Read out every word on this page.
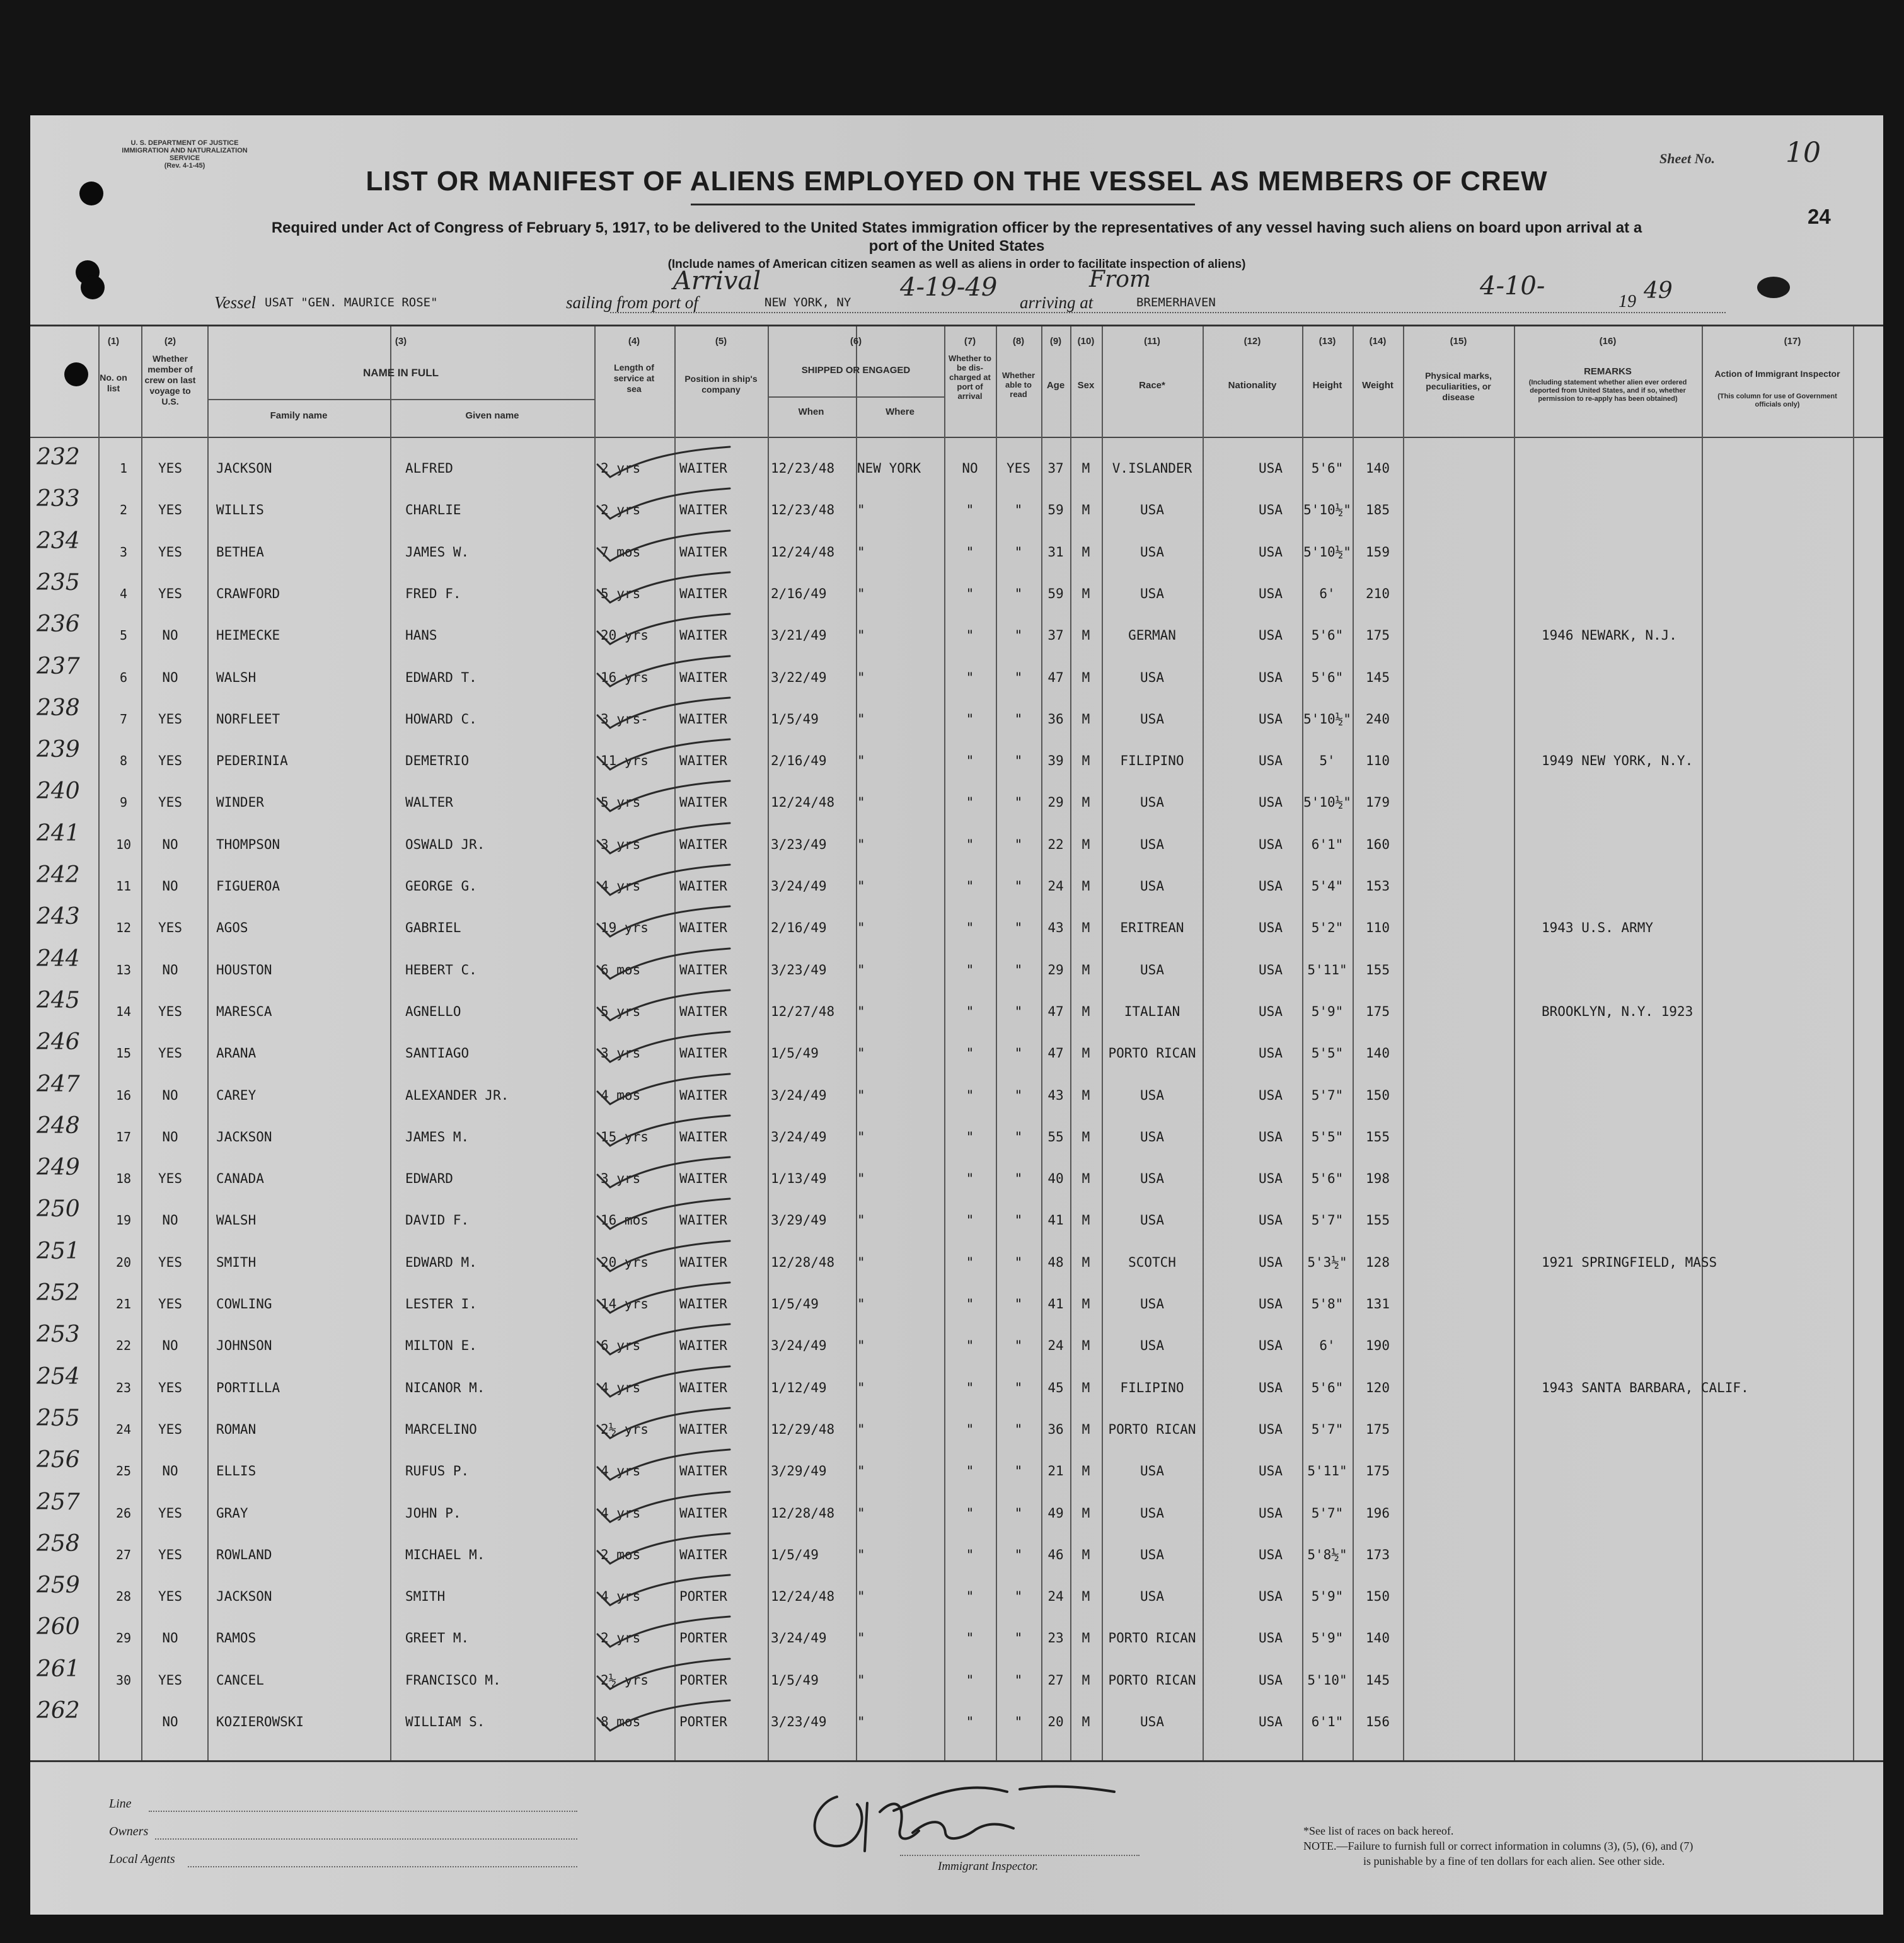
U. S. DEPARTMENT OF JUSTICE
IMMIGRATION AND NATURALIZATION SERVICE
(Rev. 4-1-45)	Sheet No.	10
24
LIST OR MANIFEST OF ALIENS EMPLOYED ON THE VESSEL AS MEMBERS OF CREW
Required under Act of Congress of February 5, 1917, to be delivered to the United States immigration officer by the representatives of any vessel having such aliens on board upon arrival at a
port of the United States
(Include names of American citizen seamen as well as aliens in order to facilitate inspection of aliens)
Vessel USAT "GEN. MAURICE ROSE"	sailing from port of
Arrival
NEW YORK, NY
4-19-49
arriving at
From
BREMERHAVEN
4-10-
19 49
(1)
No. on list
(2)
Whether member of crew on last voyage to U.S.
(3)
NAME IN FULL
Family name	Given name
(4)
Length of service at sea
(5)
Position in ship's company
(6)
SHIPPED OR ENGAGED
When	Where
(7)
Whether to be dis-charged at port of arrival
(8)
Whether able to read
(9)
Age
(10)
Sex
(11)
Race*
(12)
Nationality
(13)
Height
(14)
Weight
(15)
Physical marks, peculiarities, or disease
(16)
REMARKS
(Including statement whether alien ever ordered deported from United States, and if so, whether permission to re-apply has been obtained)
(17)
Action of Immigrant Inspector
(This column for use of Government officials only)
232	1 YES	JACKSON	ALFRED	2 yrs	WAITER	12/23/48 NEW YORK	NO YES 37 M V.ISLANDER	USA 5'6" 140
233	2 YES	WILLIS	CHARLIE	2 yrs	WAITER	12/23/48 "	"	" 59 M	USA	USA 5'10½" 185
234	3 YES	BETHEA	JAMES W.	7 mos	WAITER	12/24/48 "	"	" 31 M	USA	USA 5'10½" 159
235	4 YES	CRAWFORD	FRED F.	5 yrs	WAITER	2/16/49 "	"	" 59 M	USA	USA	6' 210
236	5	NO	HEIMECKE	HANS	20 yrs WAITER	3/21/49 "	"	" 37 M	GERMAN	USA 5'6" 175	1946 NEWARK, N.J.
237	6	NO	WALSH	EDWARD T.	16 yrs WAITER	3/22/49 "	"	" 47 M	USA	USA 5'6" 145
238	7 YES	NORFLEET	HOWARD C.	3 yrs- WAITER	1/5/49	"	"	" 36 M	USA	USA 5'10½" 240
239	8 YES	PEDERINIA	DEMETRIO	11 yrs WAITER	2/16/49 "	"	" 39 M FILIPINO	USA	5' 110	1949 NEW YORK, N.Y.
240	9 YES	WINDER	WALTER	5 yrs	WAITER	12/24/48 "	"	" 29 M	USA	USA 5'10½" 179
241	10 NO	THOMPSON	OSWALD JR.	3 yrs	WAITER	3/23/49 "	"	" 22 M	USA	USA 6'1" 160
242	11 NO	FIGUEROA	GEORGE G.	4 yrs	WAITER	3/24/49 "	"	" 24 M	USA	USA 5'4" 153
243	12 YES	AGOS	GABRIEL	19 yrs WAITER	2/16/49 "	"	" 43 M ERITREAN	USA 5'2" 110	1943 U.S. ARMY
244	13 NO	HOUSTON	HEBERT C.	6 mos	WAITER	3/23/49 "	"	" 29 M	USA	USA 5'11" 155
245	14 YES	MARESCA	AGNELLO	5 yrs	WAITER	12/27/48 "	"	" 47 M	ITALIAN	USA 5'9" 175	BROOKLYN, N.Y. 1923
246	15 YES	ARANA	SANTIAGO	3 yrs	WAITER	1/5/49	"	"	" 47 M PORTO RICAN	USA 5'5" 140
247	16 NO	CAREY	ALEXANDER JR.	4 mos	WAITER	3/24/49 "	"	" 43 M	USA	USA 5'7" 150
248	17 NO	JACKSON	JAMES M.	15 yrs WAITER	3/24/49 "	"	" 55 M	USA	USA 5'5" 155
249	18 YES	CANADA	EDWARD	3 yrs	WAITER	1/13/49 "	"	" 40 M	USA	USA 5'6" 198
250	19 NO	WALSH	DAVID F.	16 mos WAITER	3/29/49 "	"	" 41 M	USA	USA 5'7" 155
251	20 YES	SMITH	EDWARD M.	20 yrs WAITER	12/28/48 "	"	" 48 M	SCOTCH	USA 5'3½" 128	1921 SPRINGFIELD, MASS
252	21 YES	COWLING	LESTER I.	14 yrs WAITER	1/5/49	"	"	" 41 M	USA	USA 5'8" 131
253	22 NO	JOHNSON	MILTON E.	6 yrs	WAITER	3/24/49 "	"	" 24 M	USA	USA	6' 190
254	23 YES	PORTILLA	NICANOR M.	4 yrs	WAITER	1/12/49 "	"	" 45 M FILIPINO	USA 5'6" 120	1943 SANTA BARBARA, CALIF.
255	24 YES	ROMAN	MARCELINO	2½ yrs WAITER	12/29/48 "	"	" 36 M PORTO RICAN	USA 5'7" 175
256	25 NO	ELLIS	RUFUS P.	4 yrs	WAITER	3/29/49 "	"	" 21 M	USA	USA 5'11" 175
257	26 YES	GRAY	JOHN P.	4 yrs	WAITER	12/28/48 "	"	" 49 M	USA	USA 5'7" 196
258	27 YES	ROWLAND	MICHAEL M.	2 mos	WAITER	1/5/49	"	"	" 46 M	USA	USA 5'8½" 173
259	28 YES	JACKSON	SMITH	4 yrs	PORTER	12/24/48 "	"	" 24 M	USA	USA 5'9" 150
260	29 NO	RAMOS	GREET M.	2 yrs	PORTER	3/24/49 "	"	" 23 M PORTO RICAN	USA 5'9" 140
261	30 YES	CANCEL	FRANCISCO M.	2½ yrs PORTER	1/5/49	"	"	" 27 M PORTO RICAN	USA 5'10" 145
262	NO	KOZIEROWSKI	WILLIAM S.	8 mos	PORTER	3/23/49 "	"	" 20 M	USA	USA 6'1" 156
Line
Owners
Local Agents
Immigrant Inspector.
*See list of races on back hereof.
NOTE.—Failure to furnish full or correct information in columns (3), (5), (6), and (7)
is punishable by a fine of ten dollars for each alien. See other side.
